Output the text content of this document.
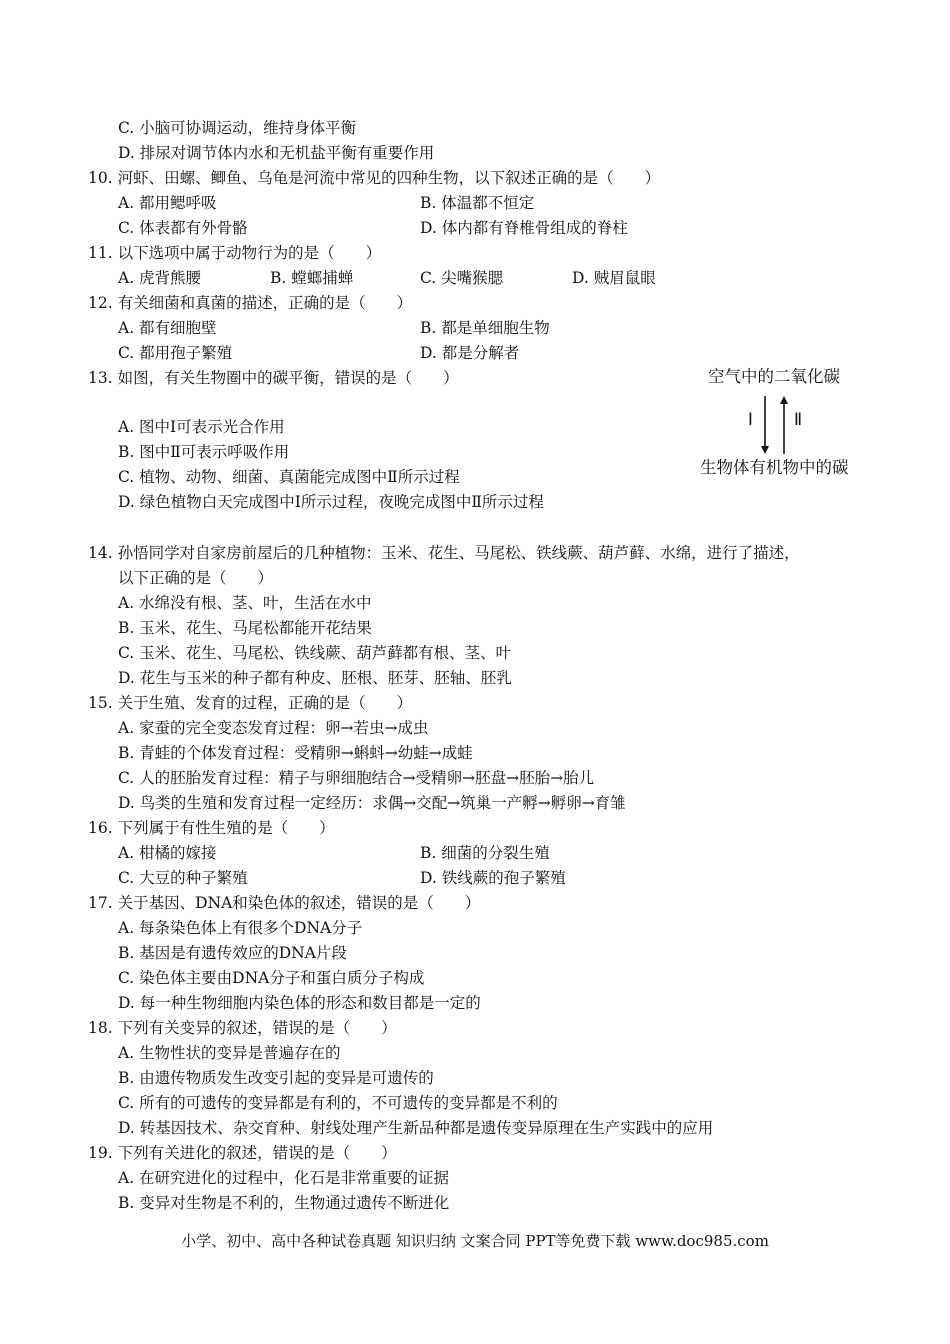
C. 小脑可协调运动，维持身体平衡
D. 排尿对调节体内水和无机盐平衡有重要作用
10. 河虾、田螺、鲫鱼、乌龟是河流中常见的四种生物，以下叙述正确的是（　　）
A. 都用鳃呼吸	B. 体温都不恒定
C. 体表都有外骨骼	D. 体内都有脊椎骨组成的脊柱
11. 以下选项中属于动物行为的是（　　）
A. 虎背熊腰	B. 螳螂捕蝉	C. 尖嘴猴腮	D. 贼眉鼠眼
12. 有关细菌和真菌的描述，正确的是（　　）
A. 都有细胞壁	B. 都是单细胞生物
C. 都用孢子繁殖	D. 都是分解者
13. 如图，有关生物圈中的碳平衡，错误的是（　　）
A. 图中Ⅰ可表示光合作用
B. 图中Ⅱ可表示呼吸作用
C. 植物、动物、细菌、真菌能完成图中Ⅱ所示过程
D. 绿色植物白天完成图中Ⅰ所示过程，夜晚完成图中Ⅱ所示过程
14. 孙悟同学对自家房前屋后的几种植物：玉米、花生、马尾松、铁线蕨、葫芦藓、水绵，进行了描述，
以下正确的是（　　）
A. 水绵没有根、茎、叶，生活在水中
B. 玉米、花生、马尾松都能开花结果
C. 玉米、花生、马尾松、铁线蕨、葫芦藓都有根、茎、叶
D. 花生与玉米的种子都有种皮、胚根、胚芽、胚轴、胚乳
15. 关于生殖、发育的过程，正确的是（　　）
A. 家蚕的完全变态发育过程：卵→若虫→成虫
B. 青蛙的个体发育过程：受精卵→蝌蚪→幼蛙→成蛙
C. 人的胚胎发育过程：精子与卵细胞结合→受精卵→胚盘→胚胎→胎儿
D. 鸟类的生殖和发育过程一定经历：求偶→交配→筑巢一产孵→孵卵→育雏
16. 下列属于有性生殖的是（　　）
A. 柑橘的嫁接	B. 细菌的分裂生殖
C. 大豆的种子繁殖	D. 铁线蕨的孢子繁殖
17. 关于基因、DNA和染色体的叙述，错误的是（　　）
A. 每条染色体上有很多个DNA分子
B. 基因是有遗传效应的DNA片段
C. 染色体主要由DNA分子和蛋白质分子构成
D. 每一种生物细胞内染色体的形态和数目都是一定的
18. 下列有关变异的叙述，错误的是（　　）
A. 生物性状的变异是普遍存在的
B. 由遗传物质发生改变引起的变异是可遗传的
C. 所有的可遗传的变异都是有利的，不可遗传的变异都是不利的
D. 转基因技术、杂交育种、射线处理产生新品种都是遗传变异原理在生产实践中的应用
19. 下列有关进化的叙述，错误的是（　　）
A. 在研究进化的过程中，化石是非常重要的证据
B. 变异对生物是不利的，生物通过遗传不断进化
空气中的二氧化碳
Ⅰ Ⅱ
生物体有机物中的碳
小学、初中、高中各种试卷真题 知识归纳 文案合同 PPT等免费下载 www.doc985.com
